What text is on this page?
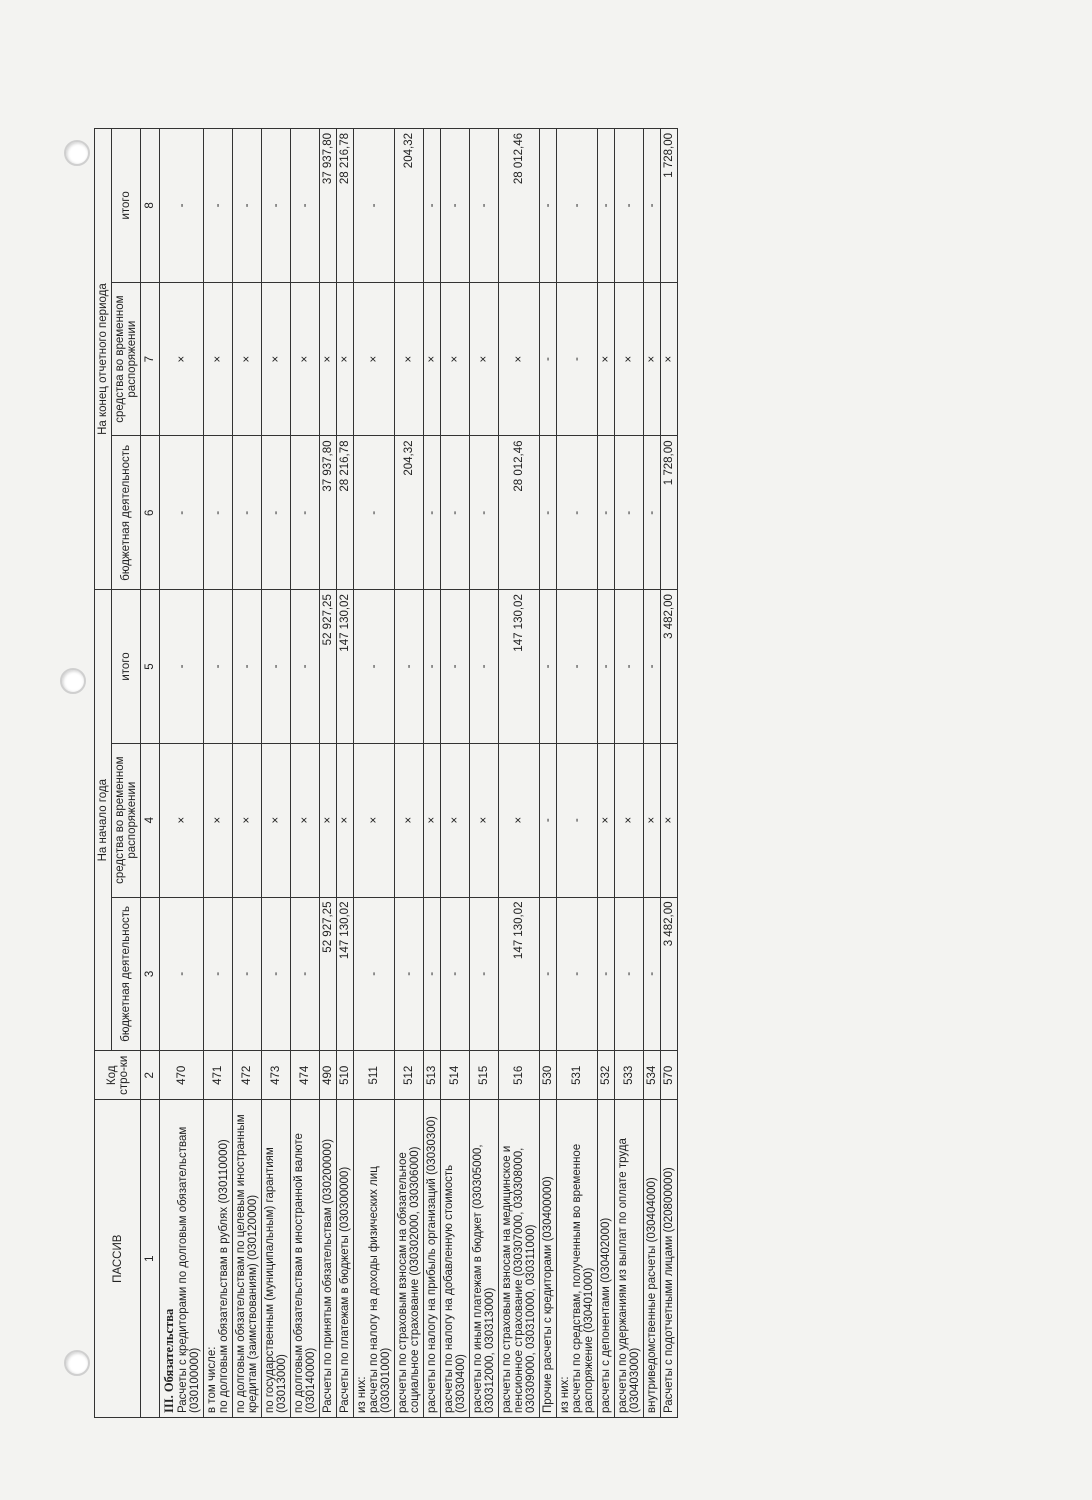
ПАССИВ	Код стро-ки	На начало года			На конец отчетного периода		
		бюджетная деятельность	средства во временном распоряжении	итого	бюджетная деятельность	средства во временном распоряжении	итого
1	2	3	4	5	6	7	8

III. Обязательства Расчеты с кредиторами по долговым обязательствам (030100000)	470	-	×	-	-	×	-

в том числе: по долговым обязательствам в рублях (030110000)	471	-	×	-	-	×	-

по долговым обязательствам по целевым иностранным кредитам (заимствованиям) (030120000)	472	-	×	-	-	×	-

по государственным (муниципальным) гарантиям (03013000)	473	-	×	-	-	×	-

по долговым обязательствам в иностранной валюте (030140000)	474	-	×	-	-	×	-

Расчеты по принятым обязательствам (030200000)	490	52 927,25	×	52 927,25	37 937,80	×	37 937,80

Расчеты по платежам в бюджеты (030300000)	510	147 130,02	×	147 130,02	28 216,78	×	28 216,78

из них: расчеты по налогу на доходы физических лиц (030301000)	511	-	×	-	-	×	-

расчеты по страховым взносам на обязательное социальное страхование (030302000, 030306000)	512	-	×	-	204,32	×	204,32

расчеты по налогу на прибыль организаций (03030300)	513	-	×	-	-	×	-

расчеты по налогу на добавленную стоимость (03030400)	514	-	×	-	-	×	-

расчеты по иным платежам в бюджет (030305000, 030312000, 030313000)	515	-	×	-	-	×	-

расчеты по страховым взносам на медицинское и пенсионное страхование (030307000, 030308000, 030309000, 030310000, 030311000)	516	147 130,02	×	147 130,02	28 012,46	×	28 012,46

Прочие расчеты с кредиторами (030400000)	530	-	-	-	-	-	-

из них: расчеты по средствам, полученным во временное распоряжение (030401000)	531	-	-	-	-	-	-

расчеты с депонентами (030402000)	532	-	×	-	-	×	-

расчеты по удержаниям из выплат по оплате труда (030403000)	533	-	×	-	-	×	-

внутриведомственные расчеты (030404000)	534	-	×	-	-	×	-

Расчеты с подотчетными лицами (020800000)	570	3 482,00	×	3 482,00	1 728,00	×	1 728,00
